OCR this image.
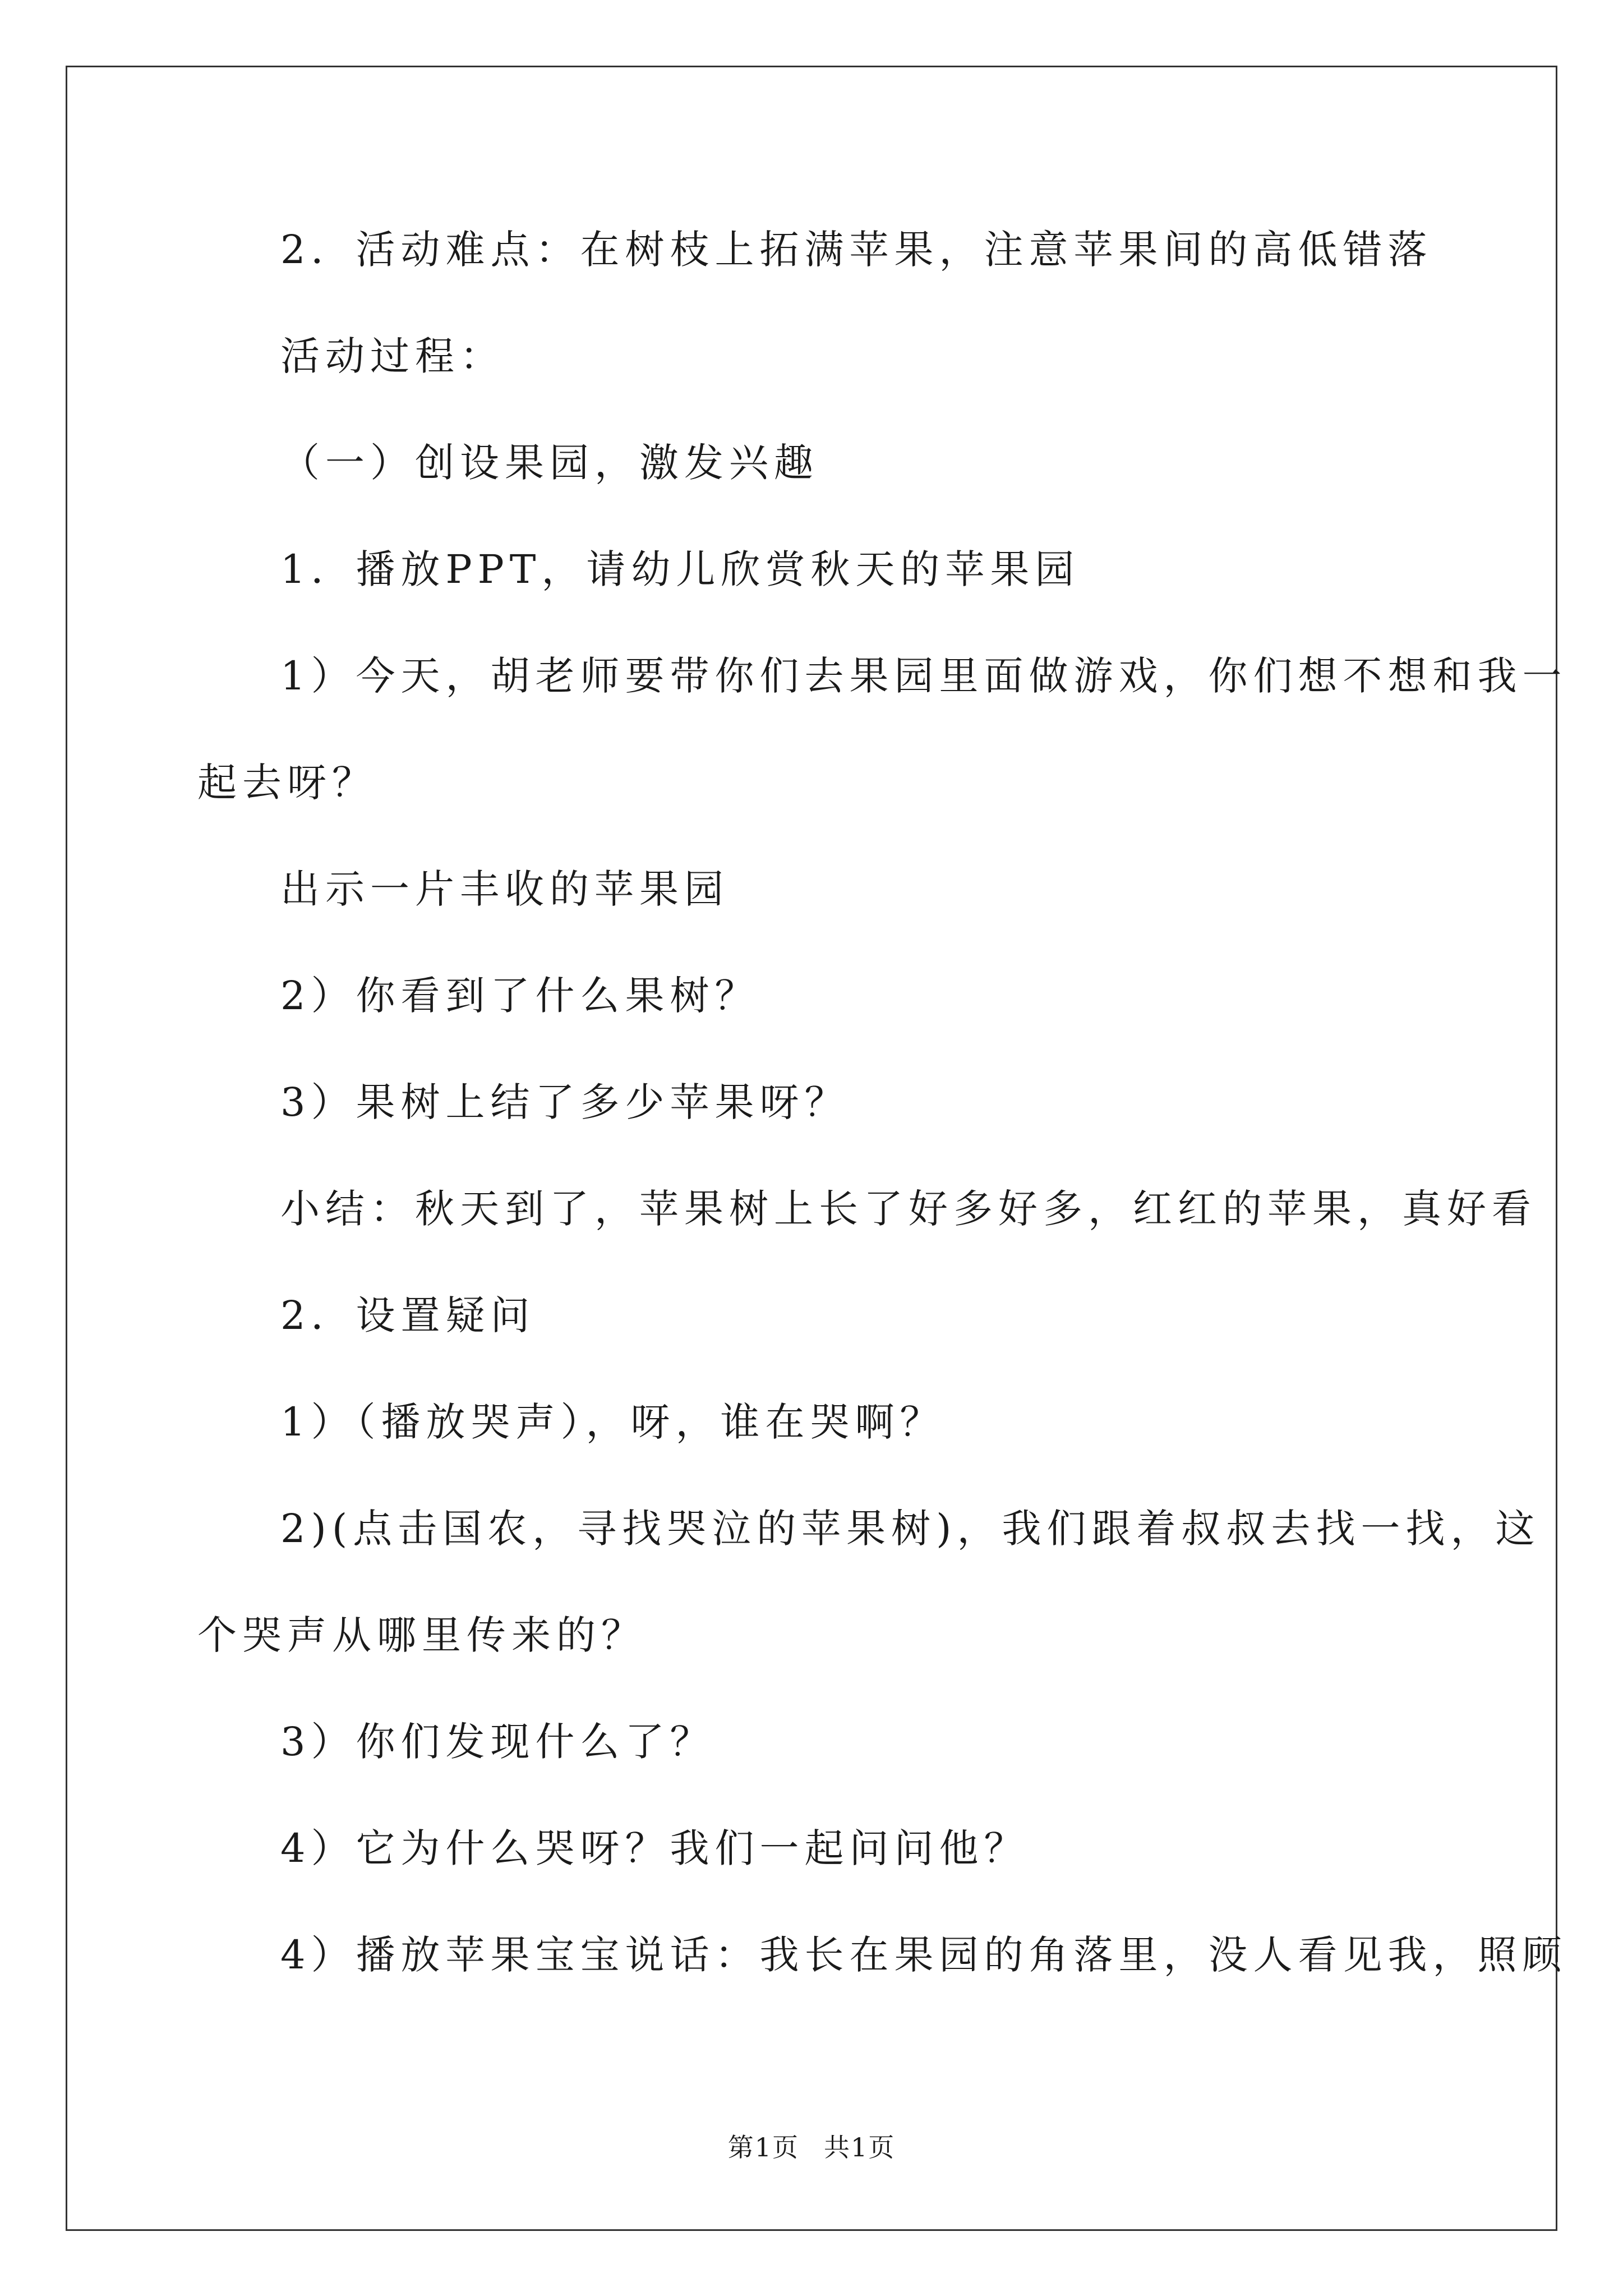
2．活动难点：在树枝上拓满苹果，注意苹果间的高低错落
活动过程：
（一）创设果园，激发兴趣
1．播放PPT，请幼儿欣赏秋天的苹果园
1）今天，胡老师要带你们去果园里面做游戏，你们想不想和我一
起去呀？
出示一片丰收的苹果园
2）你看到了什么果树？
3）果树上结了多少苹果呀？
小结：秋天到了，苹果树上长了好多好多，红红的苹果，真好看
2．设置疑问
1）（播放哭声），呀，谁在哭啊？
2)(点击国农，寻找哭泣的苹果树)，我们跟着叔叔去找一找，这
个哭声从哪里传来的？
3）你们发现什么了？
4）它为什么哭呀？我们一起问问他？
4）播放苹果宝宝说话：我长在果园的角落里，没人看见我，照顾
第1页 共1页
